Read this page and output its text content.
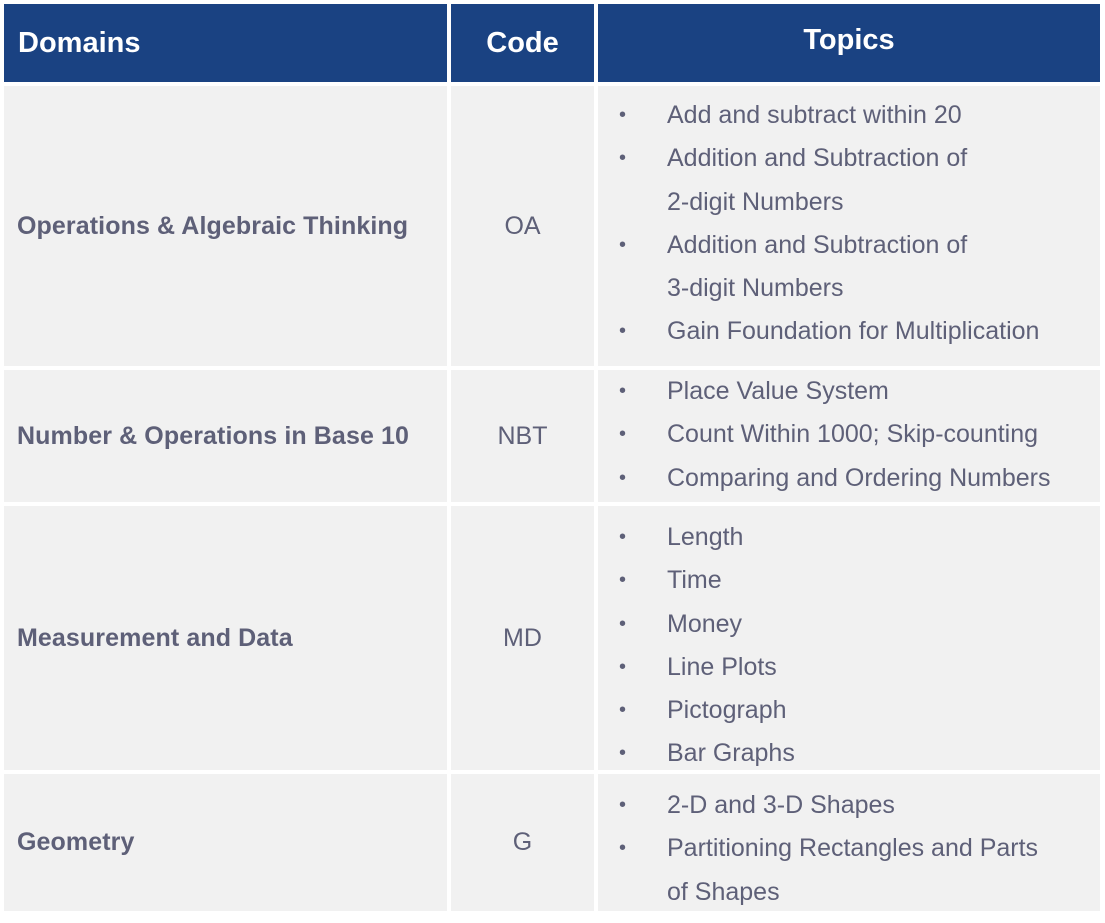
Domains	Code	Topics
Operations & Algebraic Thinking	OA
• Add and subtract within 20
• Addition and Subtraction of
2-digit Numbers
• Addition and Subtraction of
3-digit Numbers
• Gain Foundation for Multiplication
Number & Operations in Base 10	NBT
• Place Value System
• Count Within 1000; Skip-counting
• Comparing and Ordering Numbers
Measurement and Data	MD
• Length
• Time
• Money
• Line Plots
• Pictograph
• Bar Graphs
Geometry	G
• 2-D and 3-D Shapes
• Partitioning Rectangles and Parts
of Shapes
